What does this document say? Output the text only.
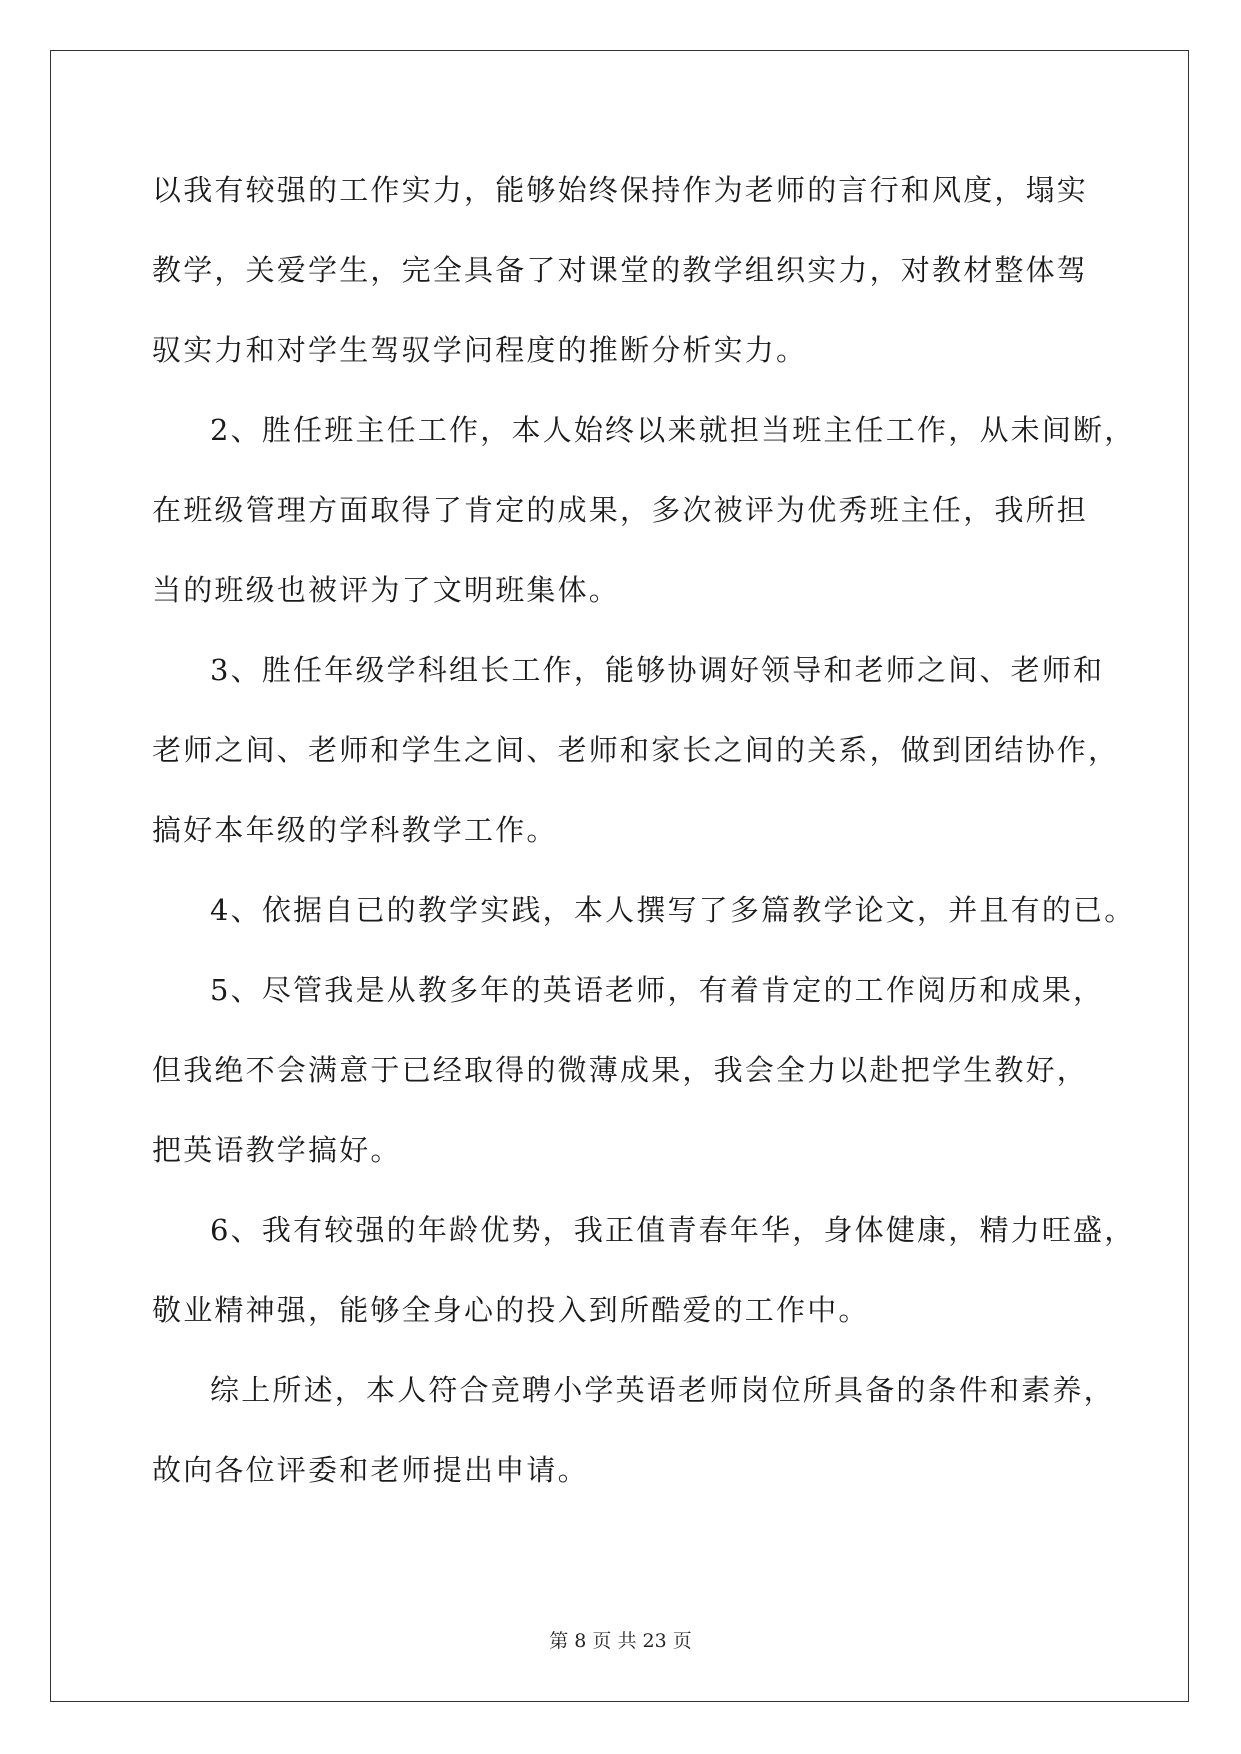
以我有较强的工作实力，能够始终保持作为老师的言行和风度，塌实

教学，关爱学生，完全具备了对课堂的教学组织实力，对教材整体驾

驭实力和对学生驾驭学问程度的推断分析实力。

2、胜任班主任工作，本人始终以来就担当班主任工作，从未间断，

在班级管理方面取得了肯定的成果，多次被评为优秀班主任，我所担

当的班级也被评为了文明班集体。

3、胜任年级学科组长工作，能够协调好领导和老师之间、老师和

老师之间、老师和学生之间、老师和家长之间的关系，做到团结协作，

搞好本年级的学科教学工作。

4、依据自已的教学实践，本人撰写了多篇教学论文，并且有的已。

5、尽管我是从教多年的英语老师，有着肯定的工作阅历和成果，

但我绝不会满意于已经取得的微薄成果，我会全力以赴把学生教好，

把英语教学搞好。

6、我有较强的年龄优势，我正值青春年华，身体健康，精力旺盛，

敬业精神强，能够全身心的投入到所酷爱的工作中。

综上所述，本人符合竞聘小学英语老师岗位所具备的条件和素养，

故向各位评委和老师提出申请。

第 8 页 共 23 页
